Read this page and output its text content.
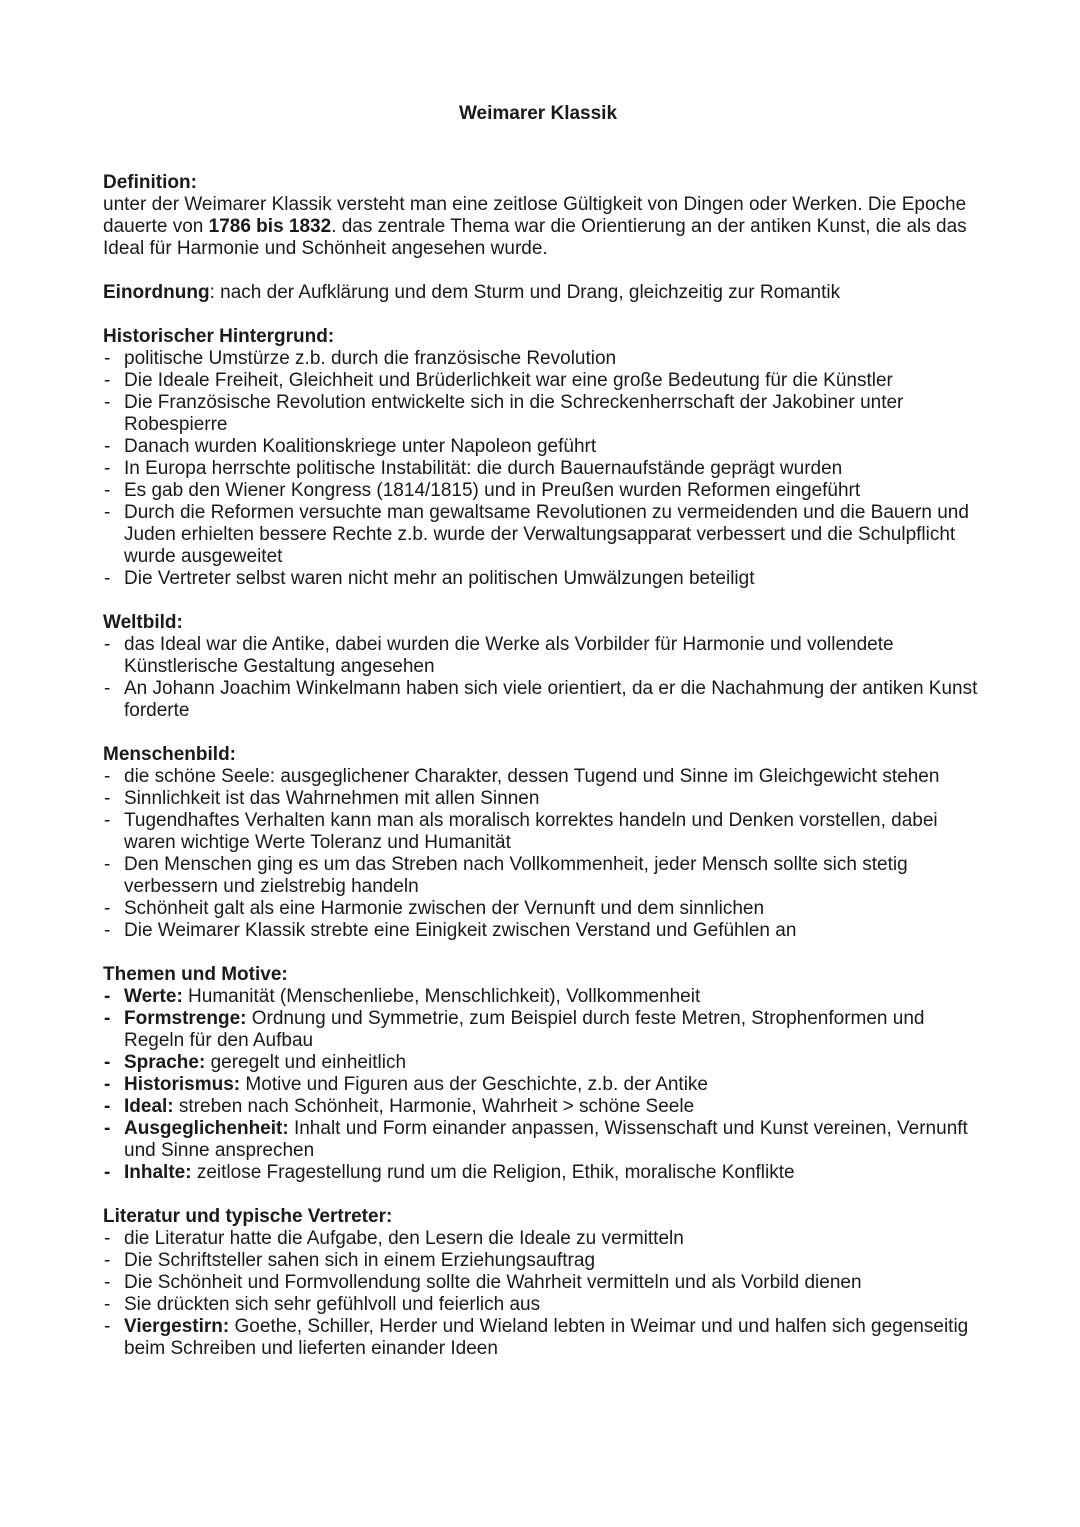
Weimarer Klassik
Definition:

unter der Weimarer Klassik versteht man eine zeitlose Gültigkeit von Dingen oder Werken. Die Epoche dauerte von 1786 bis 1832. das zentrale Thema war die Orientierung an der antiken Kunst, die als das Ideal für Harmonie und Schönheit angesehen wurde.

Einordnung: nach der Aufklärung und dem Sturm und Drang, gleichzeitig zur Romantik

Historischer Hintergrund:
- politische Umstürze z.b. durch die französische Revolution
- Die Ideale Freiheit, Gleichheit und Brüderlichkeit war eine große Bedeutung für die Künstler
- Die Französische Revolution entwickelte sich in die Schreckenherrschaft der Jakobiner unter Robespierre
- Danach wurden Koalitionskriege unter Napoleon geführt
- In Europa herrschte politische Instabilität: die durch Bauernaufstände geprägt wurden
- Es gab den Wiener Kongress (1814/1815) und in Preußen wurden Reformen eingeführt
- Durch die Reformen versuchte man gewaltsame Revolutionen zu vermeidenden und die Bauern und Juden erhielten bessere Rechte z.b. wurde der Verwaltungsapparat verbessert und die Schulpflicht wurde ausgeweitet
- Die Vertreter selbst waren nicht mehr an politischen Umwälzungen beteiligt
Weltbild:
- das Ideal war die Antike, dabei wurden die Werke als Vorbilder für Harmonie und vollendete Künstlerische Gestaltung angesehen
- An Johann Joachim Winkelmann haben sich viele orientiert, da er die Nachahmung der antiken Kunst forderte
Menschenbild:
- die schöne Seele: ausgeglichener Charakter, dessen Tugend und Sinne im Gleichgewicht stehen
- Sinnlichkeit ist das Wahrnehmen mit allen Sinnen
- Tugendhaftes Verhalten kann man als moralisch korrektes handeln und Denken vorstellen, dabei waren wichtige Werte Toleranz und Humanität
- Den Menschen ging es um das Streben nach Vollkommenheit, jeder Mensch sollte sich stetig verbessern und zielstrebig handeln
- Schönheit galt als eine Harmonie zwischen der Vernunft und dem sinnlichen
- Die Weimarer Klassik strebte eine Einigkeit zwischen Verstand und Gefühlen an
Themen und Motive:
- Werte: Humanität (Menschenliebe, Menschlichkeit), Vollkommenheit
- Formstrenge: Ordnung und Symmetrie, zum Beispiel durch feste Metren, Strophenformen und Regeln für den Aufbau
- Sprache: geregelt und einheitlich
- Historismus: Motive und Figuren aus der Geschichte, z.b. der Antike
- Ideal: streben nach Schönheit, Harmonie, Wahrheit > schöne Seele
- Ausgeglichenheit: Inhalt und Form einander anpassen, Wissenschaft und Kunst vereinen, Vernunft und Sinne ansprechen
- Inhalte: zeitlose Fragestellung rund um die Religion, Ethik, moralische Konflikte
Literatur und typische Vertreter:
- die Literatur hatte die Aufgabe, den Lesern die Ideale zu vermitteln
- Die Schriftsteller sahen sich in einem Erziehungsauftrag
- Die Schönheit und Formvollendung sollte die Wahrheit vermitteln und als Vorbild dienen
- Sie drückten sich sehr gefühlvoll und feierlich aus
- Viergestirn: Goethe, Schiller, Herder und Wieland lebten in Weimar und und halfen sich gegenseitig beim Schreiben und lieferten einander Ideen
